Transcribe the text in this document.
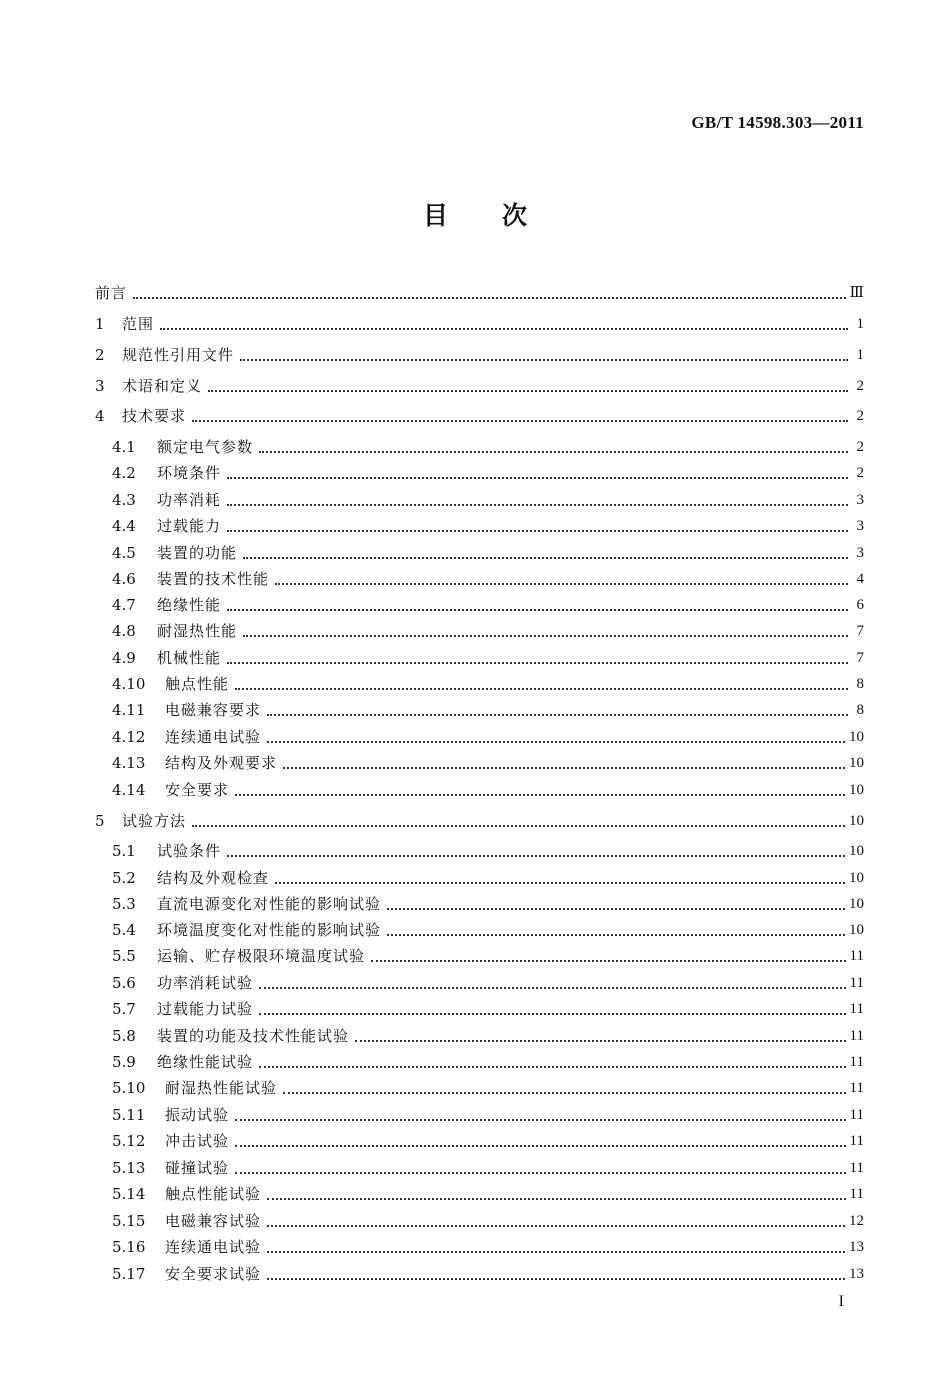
GB/T 14598.303—2011
目次
前言	Ⅲ
1	范围	1
2	规范性引用文件	1
3	术语和定义	2
4	技术要求	2
4.1	额定电气参数	2
4.2	环境条件	2
4.3	功率消耗	3
4.4	过载能力	3
4.5	装置的功能	3
4.6	装置的技术性能	4
4.7	绝缘性能	6
4.8	耐湿热性能	7
4.9	机械性能	7
4.10	触点性能	8
4.11	电磁兼容要求	8
4.12	连续通电试验	10
4.13	结构及外观要求	10
4.14	安全要求	10
5	试验方法	10
5.1	试验条件	10
5.2	结构及外观检查	10
5.3	直流电源变化对性能的影响试验	10
5.4	环境温度变化对性能的影响试验	10
5.5	运输、贮存极限环境温度试验	11
5.6	功率消耗试验	11
5.7	过载能力试验	11
5.8	装置的功能及技术性能试验	11
5.9	绝缘性能试验	11
5.10	耐湿热性能试验	11
5.11	振动试验	11
5.12	冲击试验	11
5.13	碰撞试验	11
5.14	触点性能试验	11
5.15	电磁兼容试验	12
5.16	连续通电试验	13
5.17	安全要求试验	13
I
